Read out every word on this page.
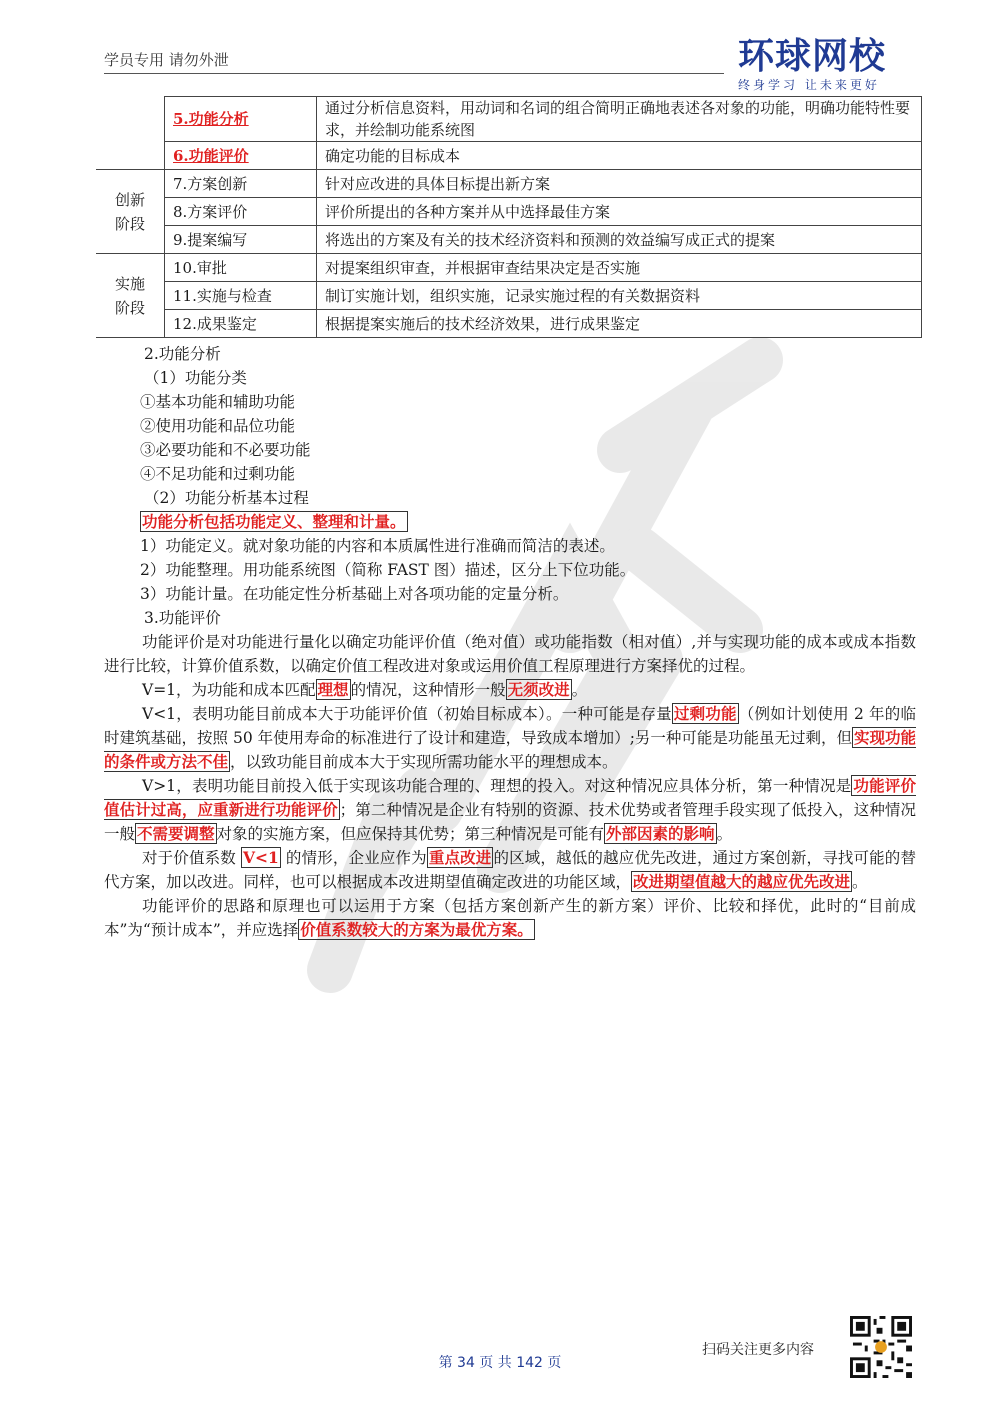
学员专用 请勿外泄	环球网校
终身学习 让未来更好
	5.功能分析	通过分析信息资料，用动词和名词的组合简明正确地表述各对象的功能，明确功能特性要求，并绘制功能系统图
	6.功能评价	确定功能的目标成本
创新阶段	7.方案创新	针对应改进的具体目标提出新方案
	8.方案评价	评价所提出的各种方案并从中选择最佳方案
	9.提案编写	将选出的方案及有关的技术经济资料和预测的效益编写成正式的提案
实施阶段	10.审批	对提案组织审查，并根据审查结果决定是否实施
	11.实施与检查	制订实施计划，组织实施，记录实施过程的有关数据资料
	12.成果鉴定	根据提案实施后的技术经济效果，进行成果鉴定

2.功能分析

（1）功能分类

①基本功能和辅助功能

②使用功能和品位功能

③必要功能和不必要功能

④不足功能和过剩功能

（2）功能分析基本过程

功能分析包括功能定义、整理和计量。

1）功能定义。就对象功能的内容和本质属性进行准确而简洁的表述。

2）功能整理。用功能系统图（简称 FAST 图）描述，区分上下位功能。

3）功能计量。在功能定性分析基础上对各项功能的定量分析。

3.功能评价

功能评价是对功能进行量化以确定功能评价值（绝对值）或功能指数（相对值）,并与实现功能的成本或成本指数进行比较，计算价值系数，以确定价值工程改进对象或运用价值工程原理进行方案择优的过程。

V=1，为功能和成本匹配 理想 的情况，这种情形一般 无须改进 。

V<1，表明功能目前成本大于功能评价值（初始目标成本）。一种可能是存量 过剩功能 （例如计划使用 2 年的临时建筑基础，按照 50 年使用寿命的标准进行了设计和建造，导致成本增加）;另一种可能是功能虽无过剩，但 实现功能的条件或方法不佳 ，以致功能目前成本大于实现所需功能水平的理想成本。

V>1，表明功能目前投入低于实现该功能合理的、理想的投入。对这种情况应具体分析，第一种情况是 功能评价值估计过高，应重新进行功能评价 ；第二种情况是企业有特别的资源、技术优势或者管理手段实现了低投入，这种情况一般 不需要调整 对象的实施方案，但应保持其优势；第三种情况是可能有 外部因素的影响 。

对于价值系数 V<1 的情形，企业应作为 重点改进 的区域，越低的越应优先改进，通过方案创新，寻找可能的替代方案，加以改进。同样，也可以根据成本改进期望值确定改进的功能区域， 改进期望值越大的越应优先改进 。

功能评价的思路和原理也可以运用于方案（包括方案创新产生的新方案）评价、比较和择优，此时的“目前成本”为“预计成本”，并应选择 价值系数较大的方案为最优方案。

扫码关注更多内容
第 34 页 共 142 页
